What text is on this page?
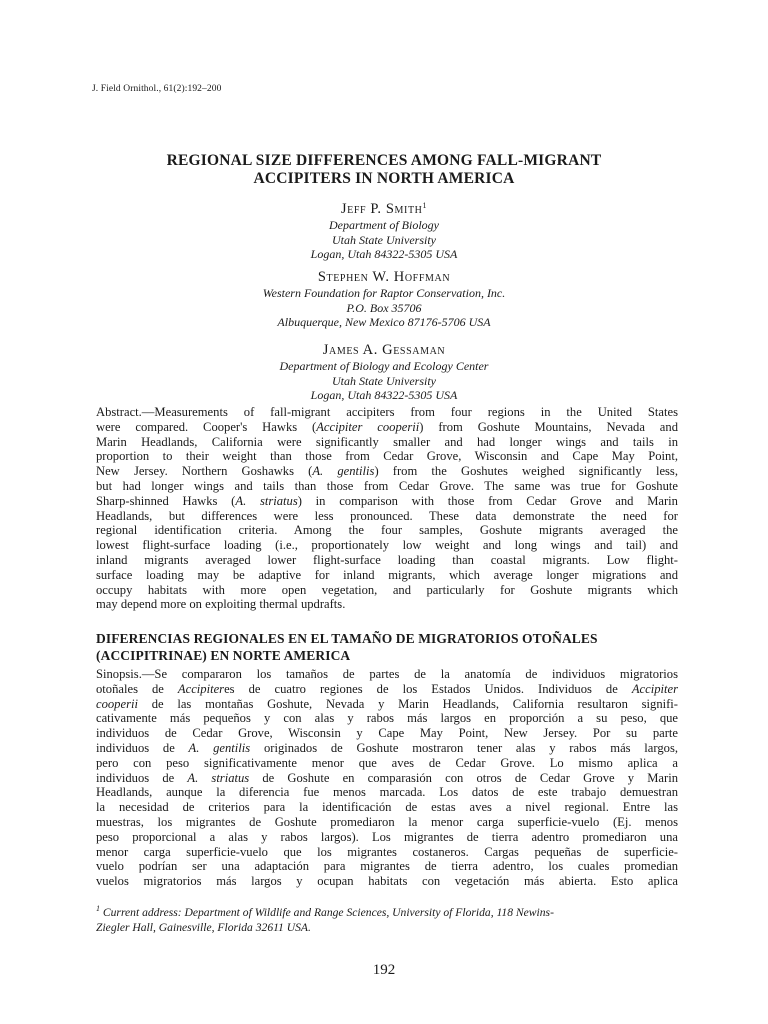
J. Field Ornithol., 61(2):192–200
REGIONAL SIZE DIFFERENCES AMONG FALL-MIGRANT
ACCIPITERS IN NORTH AMERICA
Jeff P. Smith$^1$
Department of Biology
Utah State University
Logan, Utah 84322-5305 USA
Stephen W. Hoffman
Western Foundation for Raptor Conservation, Inc.
P.O. Box 35706
Albuquerque, New Mexico 87176-5706 USA
James A. Gessaman
Department of Biology and Ecology Center
Utah State University
Logan, Utah 84322-5305 USA
Abstract.—Measurements of fall-migrant accipiters from four regions in the United States
were compared. Cooper's Hawks (Accipiter cooperii) from Goshute Mountains, Nevada and
Marin Headlands, California were significantly smaller and had longer wings and tails in
proportion to their weight than those from Cedar Grove, Wisconsin and Cape May Point,
New Jersey. Northern Goshawks (A. gentilis) from the Goshutes weighed significantly less,
but had longer wings and tails than those from Cedar Grove. The same was true for Goshute
Sharp-shinned Hawks (A. striatus) in comparison with those from Cedar Grove and Marin
Headlands, but differences were less pronounced. These data demonstrate the need for
regional identification criteria. Among the four samples, Goshute migrants averaged the
lowest flight-surface loading (i.e., proportionately low weight and long wings and tail) and
inland migrants averaged lower flight-surface loading than coastal migrants. Low flight-
surface loading may be adaptive for inland migrants, which average longer migrations and
occupy habitats with more open vegetation, and particularly for Goshute migrants which
may depend more on exploiting thermal updrafts.
DIFERENCIAS REGIONALES EN EL TAMAÑO DE MIGRATORIOS OTOÑALES
(ACCIPITRINAE) EN NORTE AMERICA
Sinopsis.—Se compararon los tamaños de partes de la anatomía de individuos migratorios
otoñales de Accipiteres de cuatro regiones de los Estados Unidos. Individuos de Accipiter
cooperii de las montañas Goshute, Nevada y Marin Headlands, California resultaron signifi-
cativamente más pequeños y con alas y rabos más largos en proporción a su peso, que
individuos de Cedar Grove, Wisconsin y Cape May Point, New Jersey. Por su parte
individuos de A. gentilis originados de Goshute mostraron tener alas y rabos más largos,
pero con peso significativamente menor que aves de Cedar Grove. Lo mismo aplica a
individuos de A. striatus de Goshute en comparasión con otros de Cedar Grove y Marin
Headlands, aunque la diferencia fue menos marcada. Los datos de este trabajo demuestran
la necesidad de criterios para la identificación de estas aves a nivel regional. Entre las
muestras, los migrantes de Goshute promediaron la menor carga superficie-vuelo (Ej. menos
peso proporcional a alas y rabos largos). Los migrantes de tierra adentro promediaron una
menor carga superficie-vuelo que los migrantes costaneros. Cargas pequeñas de superficie-
vuelo podrían ser una adaptación para migrantes de tierra adentro, los cuales promedian
vuelos migratorios más largos y ocupan habitats con vegetación más abierta. Esto aplica
$^1$ Current address: Department of Wildlife and Range Sciences, University of Florida, 118 Newins-
Ziegler Hall, Gainesville, Florida 32611 USA.
192
